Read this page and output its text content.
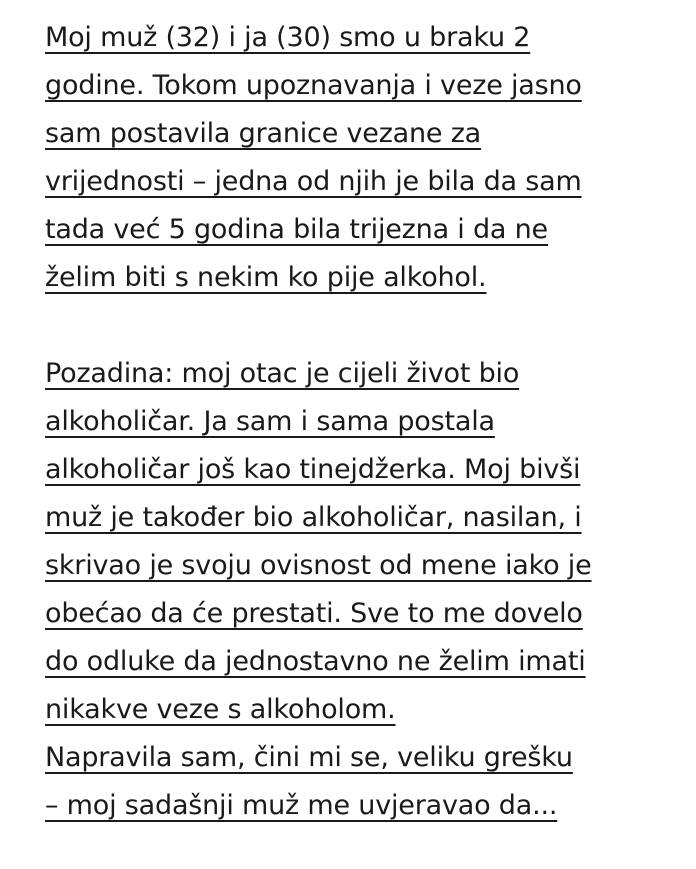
Moj muž (32) i ja (30) smo u braku 2
godine. Tokom upoznavanja i veze jasno
sam postavila granice vezane za
vrijednosti – jedna od njih je bila da sam
tada već 5 godina bila trijezna i da ne
želim biti s nekim ko pije alkohol.
Pozadina: moj otac je cijeli život bio
alkoholičar. Ja sam i sama postala
alkoholičar još kao tinejdžerka. Moj bivši
muž je također bio alkoholičar, nasilan, i
skrivao je svoju ovisnost od mene iako je
obećao da će prestati. Sve to me dovelo
do odluke da jednostavno ne želim imati
nikakve veze s alkoholom.
Napravila sam, čini mi se, veliku grešku
– moj sadašnji muž me uvjeravao da...
